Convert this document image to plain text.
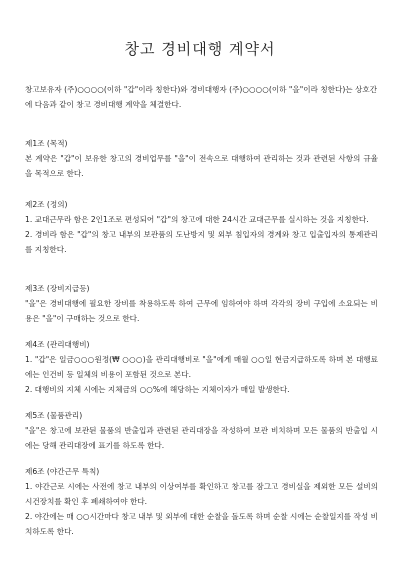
창고 경비대행 계약서
창고보유자 (주)○○○○(이하 "갑"이라 칭한다)와 경비대행자 (주)○○○○(이하 "을"이라 칭한다)는 상호간에 다음과 같이 창고 경비대행 계약을 체결한다.
제1조 (목적)
본 계약은 "갑"이 보유한 창고의 경비업무를 "을"이 전속으로 대행하여 관리하는 것과 관련된 사항의 규율을 목적으로 한다.
제2조 (정의)
1. 교대근무라 함은 2인1조로 편성되어 "갑"의 창고에 대한 24시간 교대근무를 실시하는 것을 지칭한다.
2. 경비라 함은 "갑"의 창고 내부의 보관품의 도난방지 및 외부 침입자의 경계와 창고 입출입자의 통제관리를 지칭한다.
제3조 (장비지급등)
"을"은 경비대행에 필요한 장비를 착용하도록 하여 근무에 임하여야 하며 각각의 장비 구입에 소요되는 비용은 "을"이 구매하는 것으로 한다.
제4조 (관리대행비)
1. "갑"은 일금○○○원정(₩ ○○○)을 관리대행비로 "을"에게 매월 ○○일 현금지급하도록 하며 본 대행료에는 인건비 등 일체의 비용이 포함된 것으로 본다.
2. 대행비의 지체 시에는 지체금의 ○○%에 해당하는 지체이자가 매일 발생한다.
제5조 (물품관리)
"을"은 창고에 보관된 물품의 반출입과 관련된 관리대장을 작성하여 보관 비치하며 모든 물품의 반출입 시에는 당해 관리대장에 표기를 하도록 한다.
제6조 (야간근무 특칙)
1. 야간근로 시에는 사전에 창고 내부의 이상여부를 확인하고 창고를 잠그고 경비실을 제외한 모든 설비의 시건장치를 확인 후 폐쇄하여야 한다.
2. 야간에는 매 ○○시간마다 창고 내부 및 외부에 대한 순찰을 돌도록 하며 순찰 시에는 순찰일지를 작성 비치하도록 한다.
